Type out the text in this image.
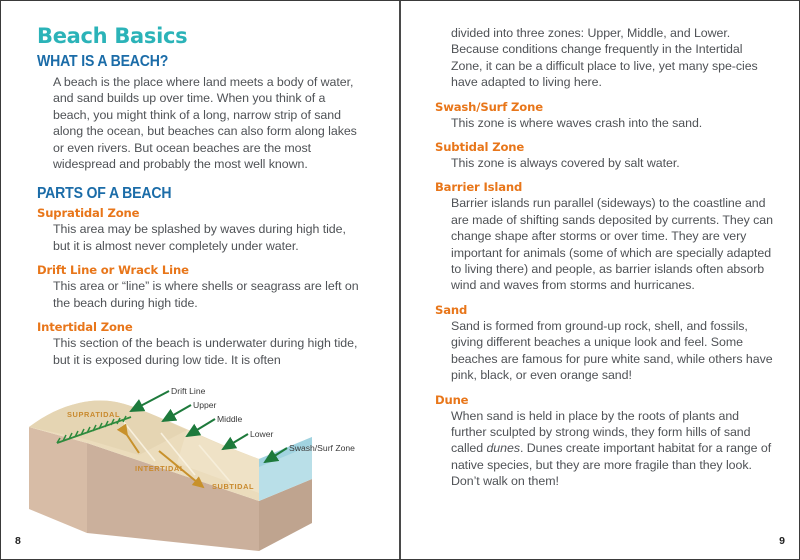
Beach Basics
WHAT IS A BEACH?

A beach is the place where land meets a body of water, and sand builds up over time. When you think of a beach, you might think of a long, narrow strip of sand along the ocean, but beaches can also form along lakes or even rivers. But ocean beaches are the most widespread and probably the most well known.

PARTS OF A BEACH
Supratidal Zone

This area may be splashed by waves during high tide, but it is almost never completely under water.

Drift Line or Wrack Line

This area or “line” is where shells or seagrass are left on the beach during high tide.

Intertidal Zone

This section of the beach is underwater during high tide, but it is exposed during low tide. It is often

SUPRATIDAL
INTERTIDAL
SUBTIDAL
Drift Line
Upper
Middle
Lower
Swash/Surf Zone
8

divided into three zones: Upper, Middle, and Lower. Because conditions change frequently in the Intertidal Zone, it can be a difficult place to live, yet many spe-cies have adapted to living here.

Swash/Surf Zone

This zone is where waves crash into the sand.

Subtidal Zone

This zone is always covered by salt water.

Barrier Island

Barrier islands run parallel (sideways) to the coastline and are made of shifting sands deposited by currents. They can change shape after storms or over time. They are very important for animals (some of which are specially adapted to living there) and people, as barrier islands often absorb wind and waves from storms and hurricanes.

Sand

Sand is formed from ground-up rock, shell, and fossils, giving different beaches a unique look and feel. Some beaches are famous for pure white sand, while others have pink, black, or even orange sand!

Dune

When sand is held in place by the roots of plants and further sculpted by strong winds, they form hills of sand called dunes. Dunes create important habitat for a range of native species, but they are more fragile than they look. Don’t walk on them!

9
